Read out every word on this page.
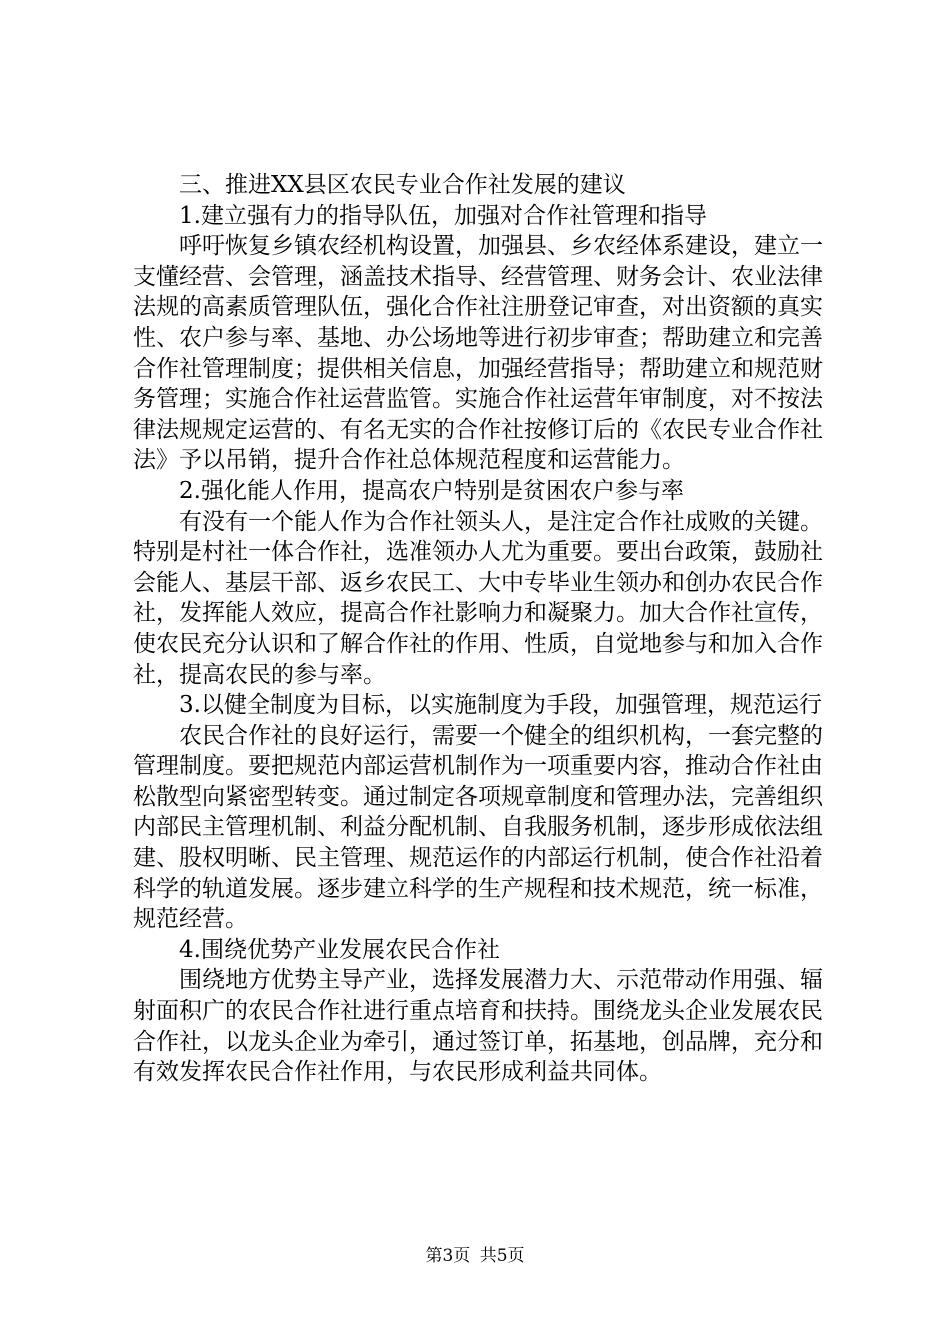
三、推进XX县区农民专业合作社发展的建议

1.建立强有力的指导队伍，加强对合作社管理和指导

呼吁恢复乡镇农经机构设置，加强县、乡农经体系建设，建立一支懂经营、会管理，涵盖技术指导、经营管理、财务会计、农业法律法规的高素质管理队伍，强化合作社注册登记审查，对出资额的真实性、农户参与率、基地、办公场地等进行初步审查；帮助建立和完善合作社管理制度；提供相关信息，加强经营指导；帮助建立和规范财务管理；实施合作社运营监管。实施合作社运营年审制度，对不按法律法规规定运营的、有名无实的合作社按修订后的《农民专业合作社法》予以吊销，提升合作社总体规范程度和运营能力。

2.强化能人作用，提高农户特别是贫困农户参与率

有没有一个能人作为合作社领头人，是注定合作社成败的关键。特别是村社一体合作社，选准领办人尤为重要。要出台政策，鼓励社会能人、基层干部、返乡农民工、大中专毕业生领办和创办农民合作社，发挥能人效应，提高合作社影响力和凝聚力。加大合作社宣传，使农民充分认识和了解合作社的作用、性质，自觉地参与和加入合作社，提高农民的参与率。

3.以健全制度为目标，以实施制度为手段，加强管理，规范运行

农民合作社的良好运行，需要一个健全的组织机构，一套完整的管理制度。要把规范内部运营机制作为一项重要内容，推动合作社由松散型向紧密型转变。通过制定各项规章制度和管理办法，完善组织内部民主管理机制、利益分配机制、自我服务机制，逐步形成依法组建、股权明晰、民主管理、规范运作的内部运行机制，使合作社沿着科学的轨道发展。逐步建立科学的生产规程和技术规范，统一标准，规范经营。

4.围绕优势产业发展农民合作社

围绕地方优势主导产业，选择发展潜力大、示范带动作用强、辐射面积广的农民合作社进行重点培育和扶持。围绕龙头企业发展农民合作社，以龙头企业为牵引，通过签订单，拓基地，创品牌，充分和有效发挥农民合作社作用，与农民形成利益共同体。

第3页 共5页
